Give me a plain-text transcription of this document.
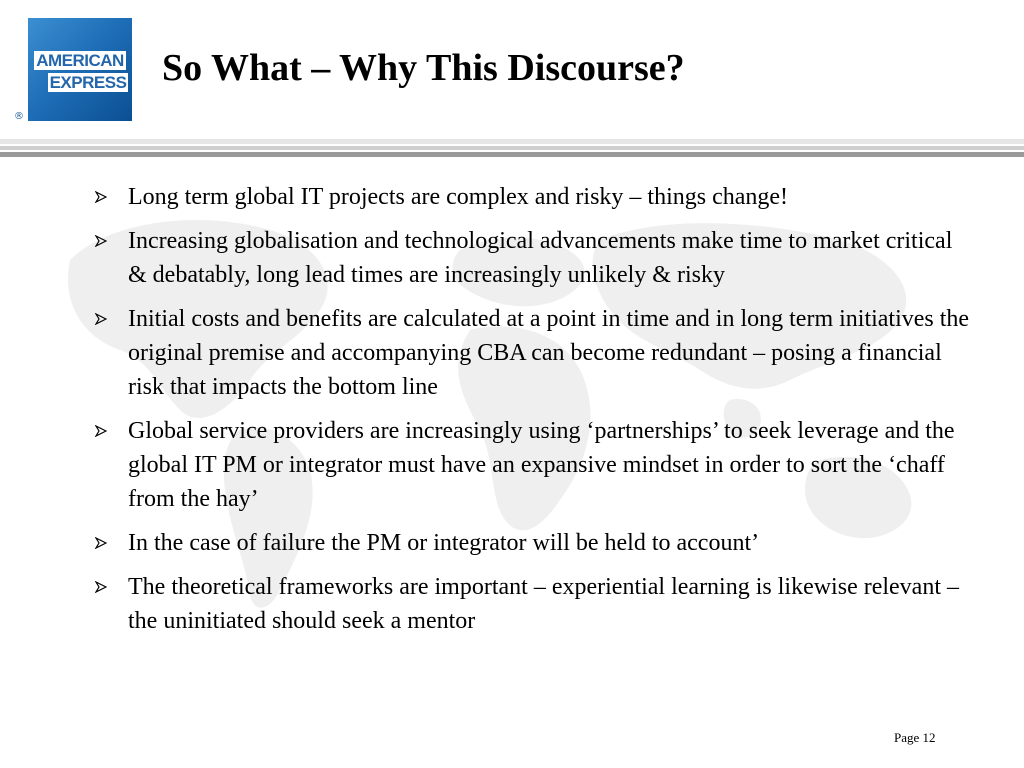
AMERICAN
EXPRESS
®
So What – Why This Discourse?
Long term global IT projects are complex and risky – things change!
Increasing globalisation and technological advancements make time to market critical & debatably, long lead times are increasingly unlikely & risky
Initial costs and benefits are calculated at a point in time and in long term initiatives the original premise and accompanying CBA can become redundant – posing a financial risk that impacts the bottom line
Global service providers are increasingly using ‘partnerships’ to seek leverage and the global IT PM or integrator must have an expansive mindset in order to sort the ‘chaff from the hay’
In the case of failure the PM or integrator will be held to account’
The theoretical frameworks are important – experiential learning is likewise relevant – the uninitiated should seek a mentor
Page 12
